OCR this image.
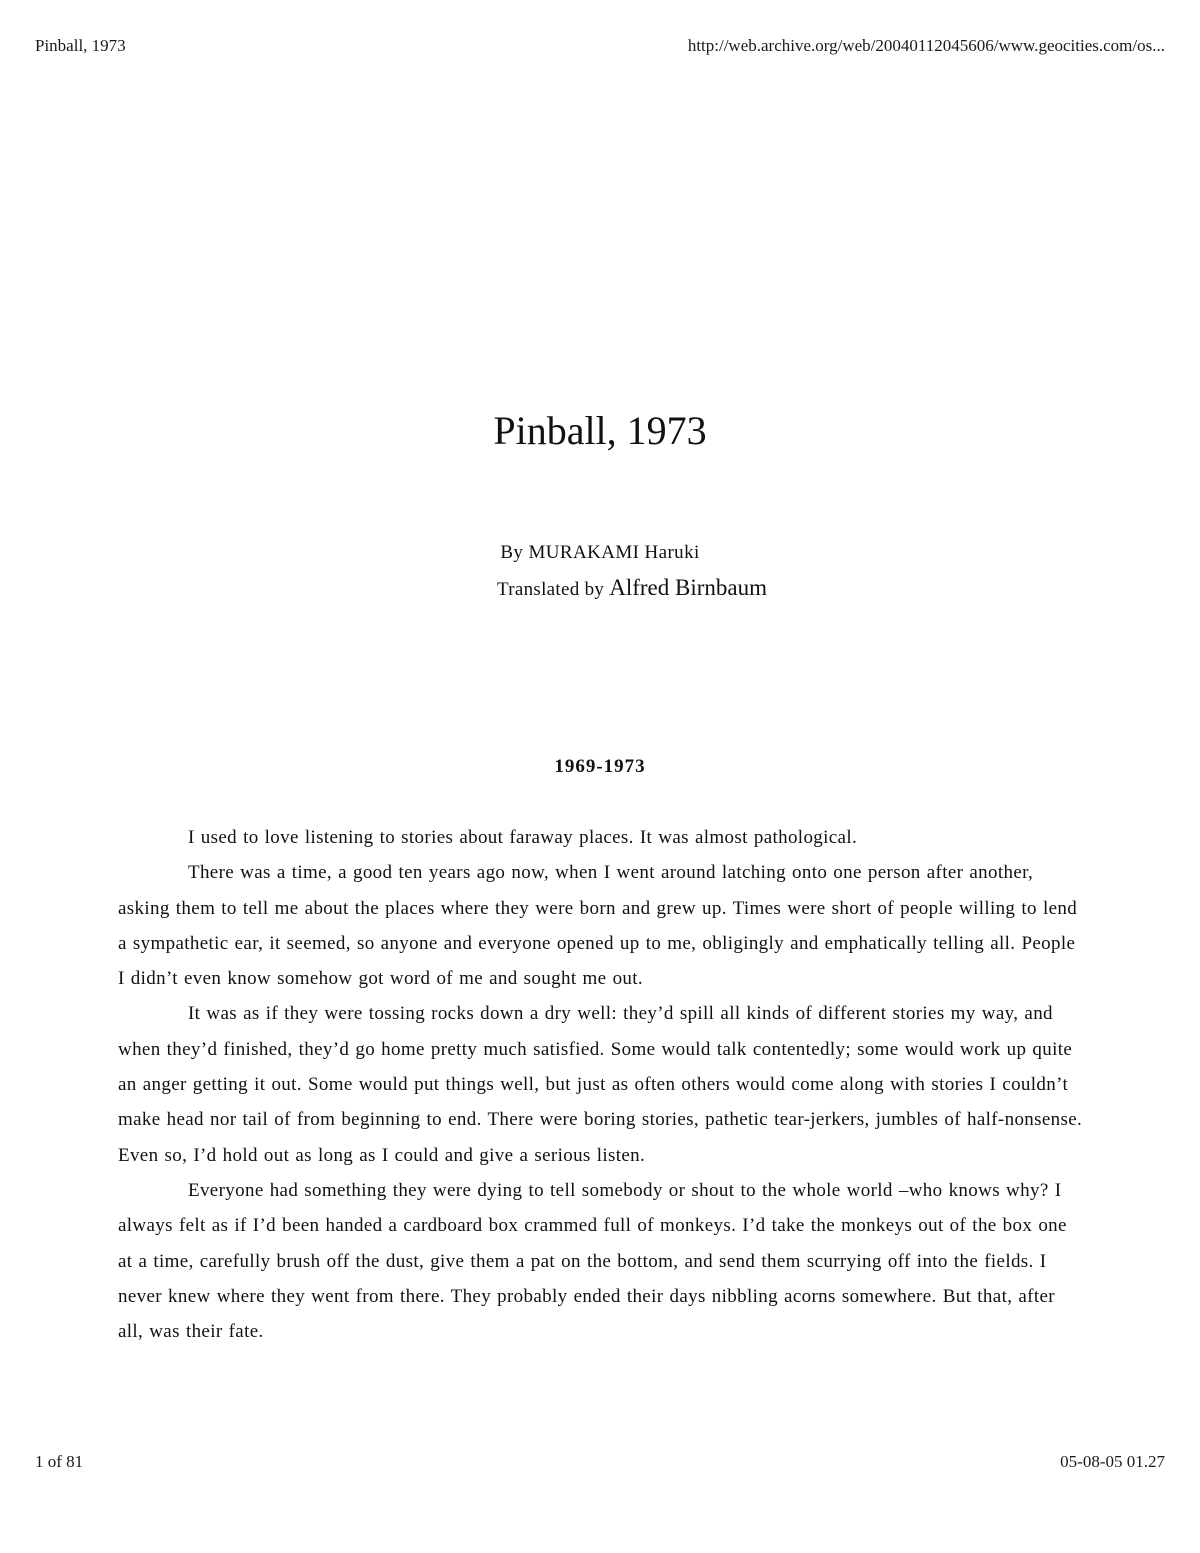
Pinball, 1973	http://web.archive.org/web/20040112045606/www.geocities.com/os...
Pinball, 1973
By MURAKAMI Haruki
Translated by Alfred Birnbaum
1969-1973

I used to love listening to stories about faraway places. It was almost pathological.

There was a time, a good ten years ago now, when I went around latching onto one person after another, asking them to tell me about the places where they were born and grew up. Times were short of people willing to lend a sympathetic ear, it seemed, so anyone and everyone opened up to me, obligingly and emphatically telling all. People I didn’t even know somehow got word of me and sought me out.

It was as if they were tossing rocks down a dry well: they’d spill all kinds of different stories my way, and when they’d finished, they’d go home pretty much satisfied. Some would talk contentedly; some would work up quite an anger getting it out. Some would put things well, but just as often others would come along with stories I couldn’t make head nor tail of from beginning to end. There were boring stories, pathetic tear-jerkers, jumbles of half-nonsense. Even so, I’d hold out as long as I could and give a serious listen.

Everyone had something they were dying to tell somebody or shout to the whole world –who knows why? I always felt as if I’d been handed a cardboard box crammed full of monkeys. I’d take the monkeys out of the box one at a time, carefully brush off the dust, give them a pat on the bottom, and send them scurrying off into the fields. I never knew where they went from there. They probably ended their days nibbling acorns somewhere. But that, after all, was their fate.

1 of 81	05-08-05 01.27
